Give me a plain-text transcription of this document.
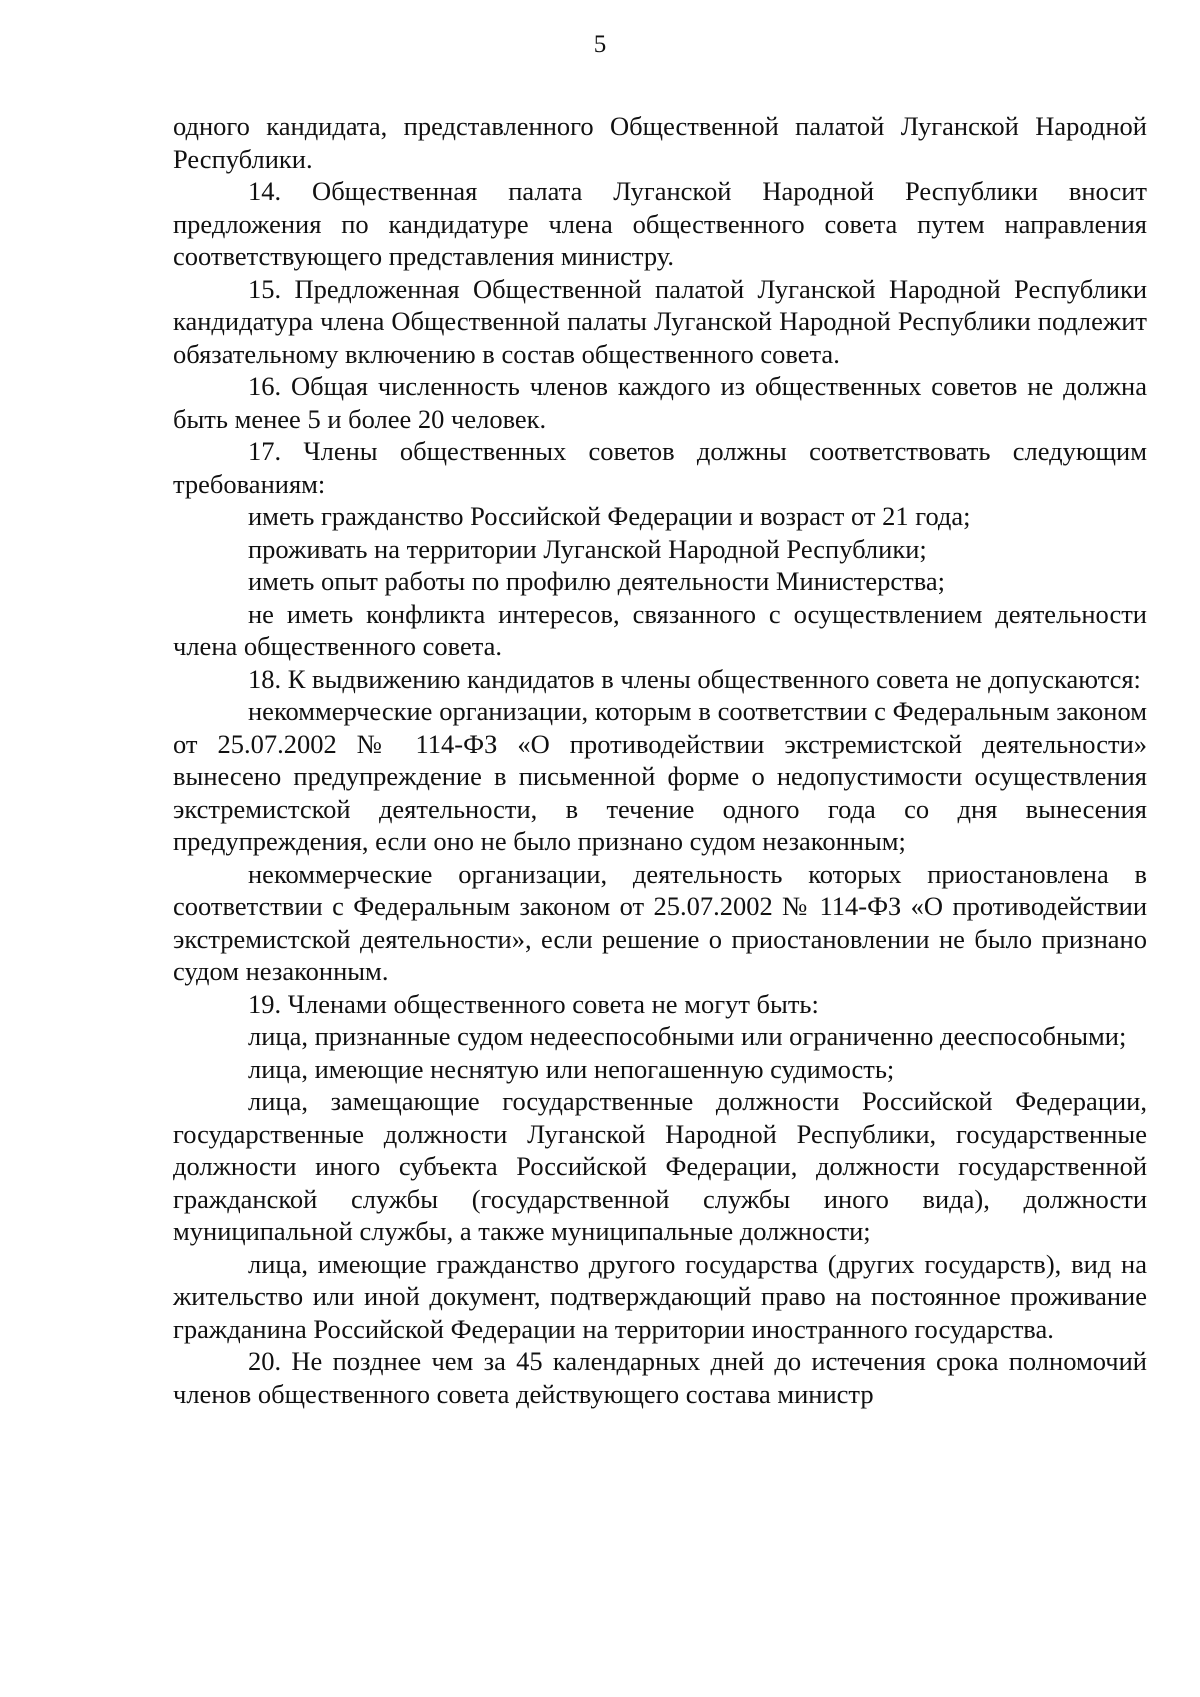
5

одного кандидата, представленного Общественной палатой Луганской Народной Республики.

14. Общественная палата Луганской Народной Республики вносит предложения по кандидатуре члена общественного совета путем направления соответствующего представления министру.

15. Предложенная Общественной палатой Луганской Народной Республики кандидатура члена Общественной палаты Луганской Народной Республики подлежит обязательному включению в состав общественного совета.

16. Общая численность членов каждого из общественных советов не должна быть менее 5 и более 20 человек.

17. Члены общественных советов должны соответствовать следующим требованиям:

иметь гражданство Российской Федерации и возраст от 21 года;

проживать на территории Луганской Народной Республики;

иметь опыт работы по профилю деятельности Министерства;

не иметь конфликта интересов, связанного с осуществлением деятельности члена общественного совета.

18. К выдвижению кандидатов в члены общественного совета не допускаются:

некоммерческие организации, которым в соответствии с Федеральным законом от 25.07.2002 № 114-ФЗ «О противодействии экстремистской деятельности» вынесено предупреждение в письменной форме о недопустимости осуществления экстремистской деятельности, в течение одного года со дня вынесения предупреждения, если оно не было признано судом незаконным;

некоммерческие организации, деятельность которых приостановлена в соответствии с Федеральным законом от 25.07.2002 № 114-ФЗ «О противодействии экстремистской деятельности», если решение о приостановлении не было признано судом незаконным.

19. Членами общественного совета не могут быть:

лица, признанные судом недееспособными или ограниченно дееспособными;

лица, имеющие неснятую или непогашенную судимость;

лица, замещающие государственные должности Российской Федерации, государственные должности Луганской Народной Республики, государственные должности иного субъекта Российской Федерации, должности государственной гражданской службы (государственной службы иного вида), должности муниципальной службы, а также муниципальные должности;

лица, имеющие гражданство другого государства (других государств), вид на жительство или иной документ, подтверждающий право на постоянное проживание гражданина Российской Федерации на территории иностранного государства.

20. Не позднее чем за 45 календарных дней до истечения срока полномочий членов общественного совета действующего состава министр
